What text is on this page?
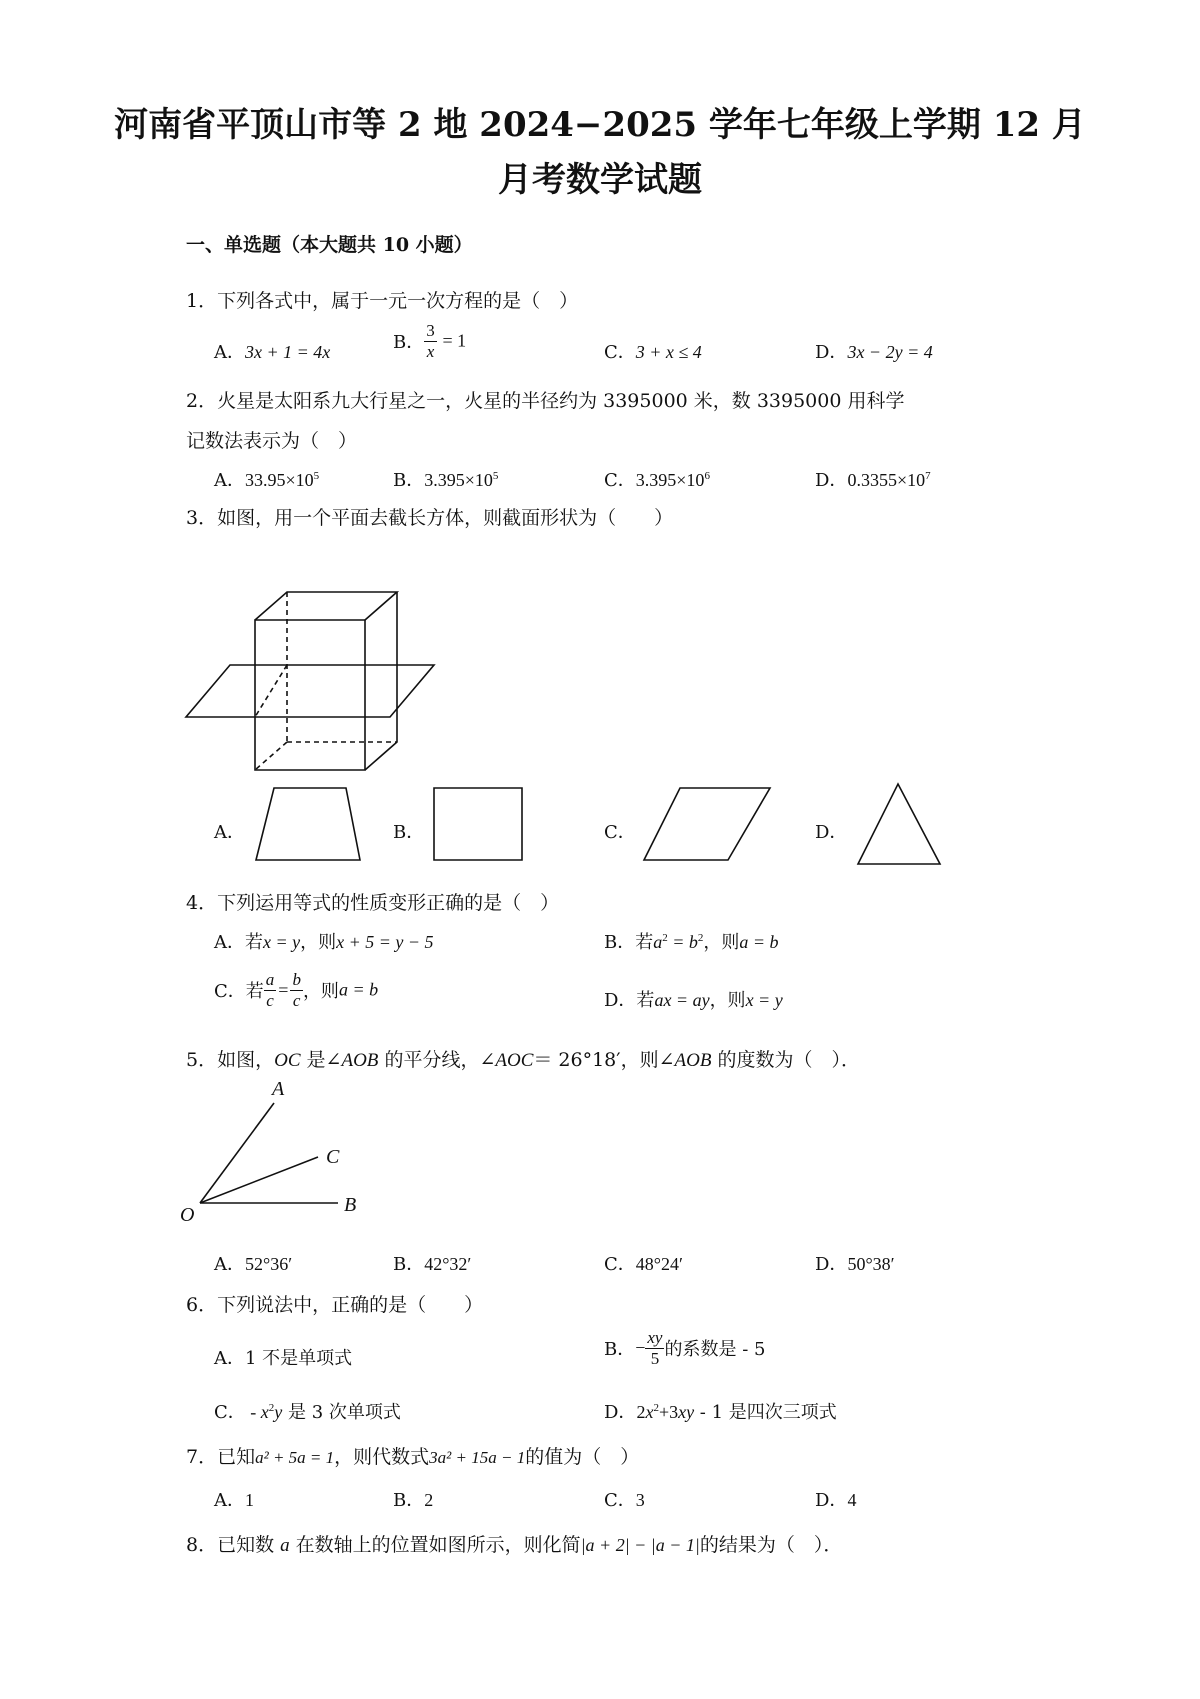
河南省平顶山市等 2 地 2024−2025 学年七年级上学期 12 月
月考数学试题
一、单选题（本大题共 10 小题）
1．下列各式中，属于一元一次方程的是（　）
A．3x + 1 = 4x	B． $\frac{3}{x} = 1$
C．3 + x ≤ 4	D．3x − 2y = 4
2．火星是太阳系九大行星之一，火星的半径约为 3395000 米，数 3395000 用科学
记数法表示为（　）
A．$33.95\times 10^5$	B．$3.395\times 10^5$	C．$3.395\times 10^6$	D．$0.3355\times 10^7$
3．如图，用一个平面去截长方体，则截面形状为（　　）
A．	B．	C．	D．
4．下列运用等式的性质变形正确的是（　）
A．若x = y，则x + 5 = y − 5	B．若$a^2 = b^2$，则a = b
C．若 $\frac{a}{c} = \frac{b}{c}$ ，则a = b
D．若ax = ay，则x = y
5．如图，OC 是∠AOB 的平分线，∠AOC＝ 26°18′，则∠AOB 的度数为（　）．
A
C
B
O
A．52°36′	B．42°32′	C．48°24′	D．50°38′
6．下列说法中，正确的是（　　）
A．1 不是单项式	B．− $\frac{xy}{5}$ 的系数是 - 5
C． - $x^2y$ 是 3 次单项式	D．$2x^2+3xy - 1$ 是四次三项式
7．已知a² + 5a = 1，则代数式3a² + 15a − 1的值为（　）
A．1	B．2	C．3	D．4
8．已知数 a 在数轴上的位置如图所示，则化简|a + 2| − |a − 1|的结果为（　）．
